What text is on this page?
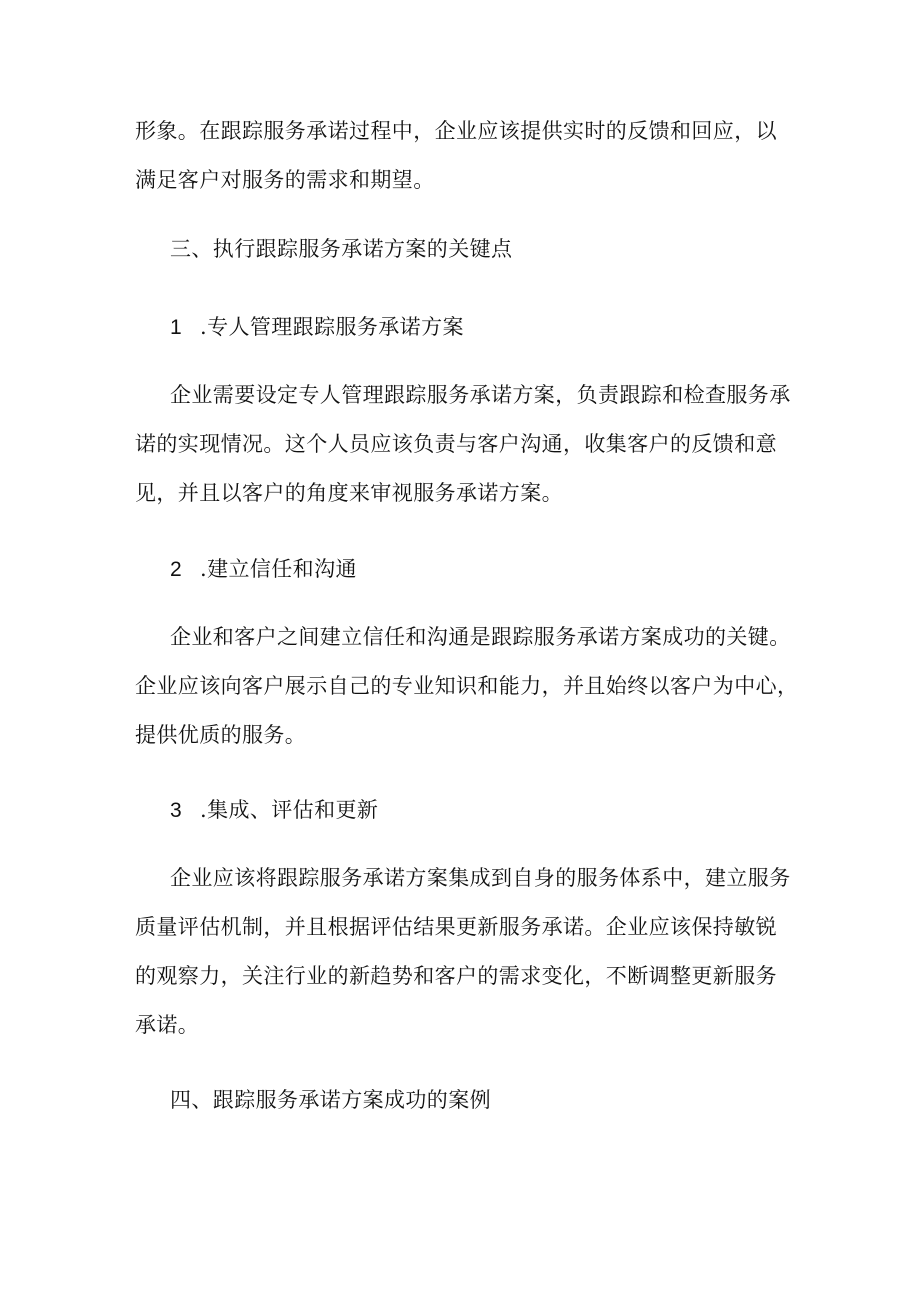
形象。在跟踪服务承诺过程中，企业应该提供实时的反馈和回应，以
满足客户对服务的需求和期望。
三、执行跟踪服务承诺方案的关键点
1 .专人管理跟踪服务承诺方案
企业需要设定专人管理跟踪服务承诺方案，负责跟踪和检查服务承
诺的实现情况。这个人员应该负责与客户沟通，收集客户的反馈和意
见，并且以客户的角度来审视服务承诺方案。
2 .建立信任和沟通
企业和客户之间建立信任和沟通是跟踪服务承诺方案成功的关键。
企业应该向客户展示自己的专业知识和能力，并且始终以客户为中心，
提供优质的服务。
3 .集成、评估和更新
企业应该将跟踪服务承诺方案集成到自身的服务体系中，建立服务
质量评估机制，并且根据评估结果更新服务承诺。企业应该保持敏锐
的观察力，关注行业的新趋势和客户的需求变化，不断调整更新服务
承诺。
四、跟踪服务承诺方案成功的案例
